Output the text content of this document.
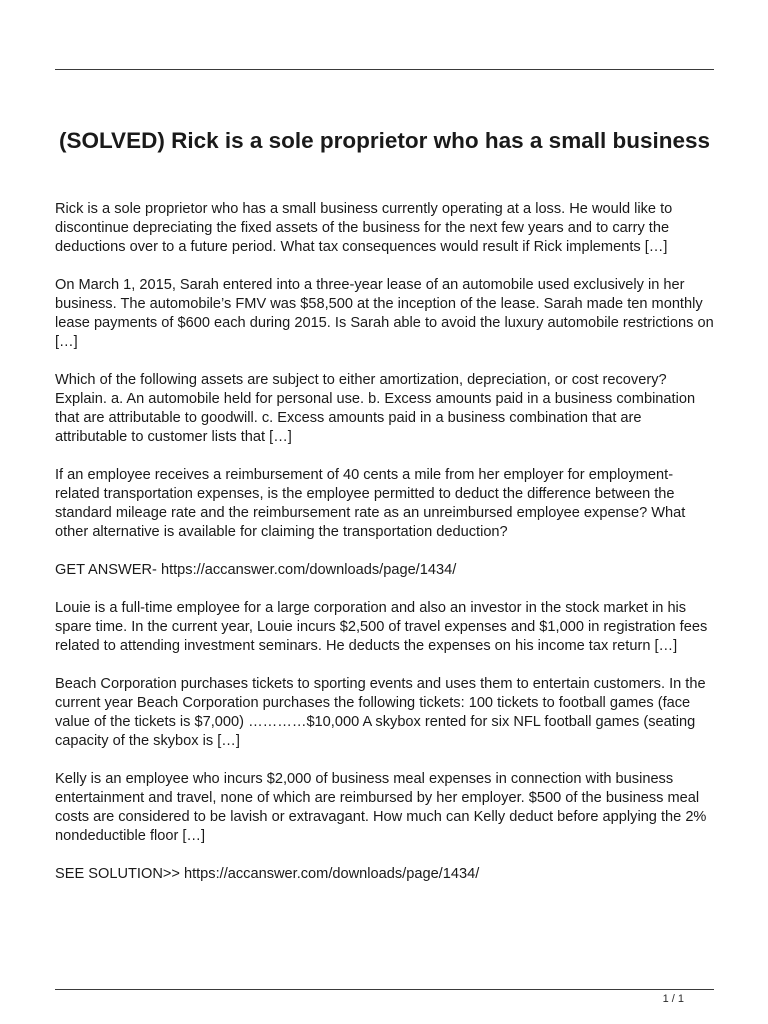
(SOLVED) Rick is a sole proprietor who has a small business

Rick is a sole proprietor who has a small business currently operating at a loss. He would like to discontinue depreciating the fixed assets of the business for the next few years and to carry the deductions over to a future period. What tax consequences would result if Rick implements […]

On March 1, 2015, Sarah entered into a three-year lease of an automobile used exclusively in her business. The automobile’s FMV was $58,500 at the inception of the lease. Sarah made ten monthly lease payments of $600 each during 2015. Is Sarah able to avoid the luxury automobile restrictions on […]

Which of the following assets are subject to either amortization, depreciation, or cost recovery? Explain. a. An automobile held for personal use. b. Excess amounts paid in a business combination that are attributable to goodwill. c. Excess amounts paid in a business combination that are attributable to customer lists that […]

If an employee receives a reimbursement of 40 cents a mile from her employer for employment-related transportation expenses, is the employee permitted to deduct the difference between the standard mileage rate and the reimbursement rate as an unreimbursed employee expense? What other alternative is available for claiming the transportation deduction?

GET ANSWER- https://accanswer.com/downloads/page/1434/

Louie is a full-time employee for a large corporation and also an investor in the stock market in his spare time. In the current year, Louie incurs $2,500 of travel expenses and $1,000 in registration fees related to attending investment seminars. He deducts the expenses on his income tax return […]

Beach Corporation purchases tickets to sporting events and uses them to entertain customers. In the current year Beach Corporation purchases the following tickets: 100 tickets to football games (face value of the tickets is $7,000) …………$10,000 A skybox rented for six NFL football games (seating capacity of the skybox is […]

Kelly is an employee who incurs $2,000 of business meal expenses in connection with business entertainment and travel, none of which are reimbursed by her employer. $500 of the business meal costs are considered to be lavish or extravagant. How much can Kelly deduct before applying the 2% nondeductible floor […]

SEE SOLUTION>> https://accanswer.com/downloads/page/1434/

1 / 1
